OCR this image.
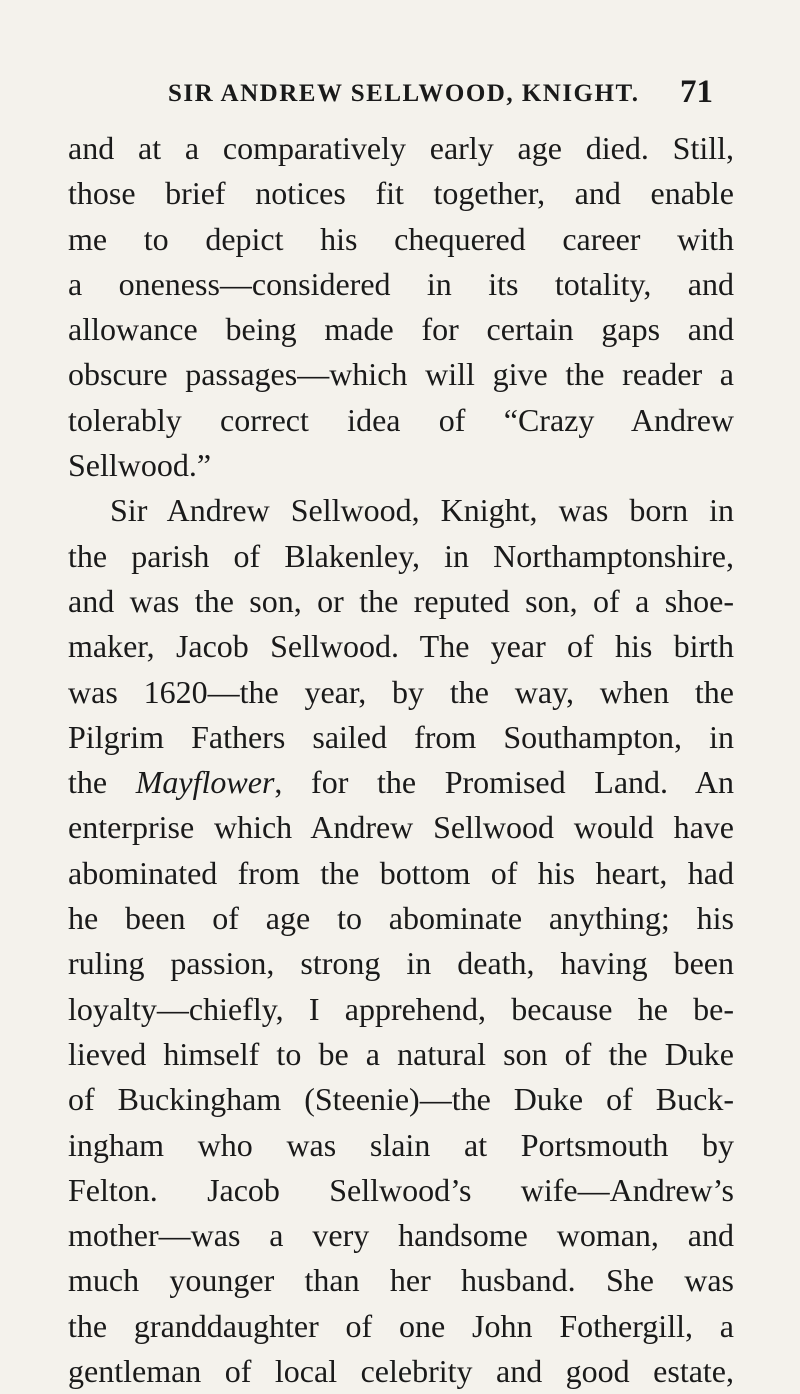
SIR ANDREW SELLWOOD, KNIGHT.	71
and at a comparatively early age died. Still,
those brief notices fit together, and enable
me to depict his chequered career with
a oneness—considered in its totality, and
allowance being made for certain gaps and
obscure passages—which will give the reader a
tolerably correct idea of “Crazy Andrew
Sellwood.”
Sir Andrew Sellwood, Knight, was born in
the parish of Blakenley, in Northamptonshire,
and was the son, or the reputed son, of a shoe-
maker, Jacob Sellwood. The year of his birth
was 1620—the year, by the way, when the
Pilgrim Fathers sailed from Southampton, in
the Mayflower, for the Promised Land. An
enterprise which Andrew Sellwood would have
abominated from the bottom of his heart, had
he been of age to abominate anything; his
ruling passion, strong in death, having been
loyalty—chiefly, I apprehend, because he be-
lieved himself to be a natural son of the Duke
of Buckingham (Steenie)—the Duke of Buck-
ingham who was slain at Portsmouth by
Felton. Jacob Sellwood’s wife—Andrew’s
mother—was a very handsome woman, and
much younger than her husband. She was
the granddaughter of one John Fothergill, a
gentleman of local celebrity and good estate,
